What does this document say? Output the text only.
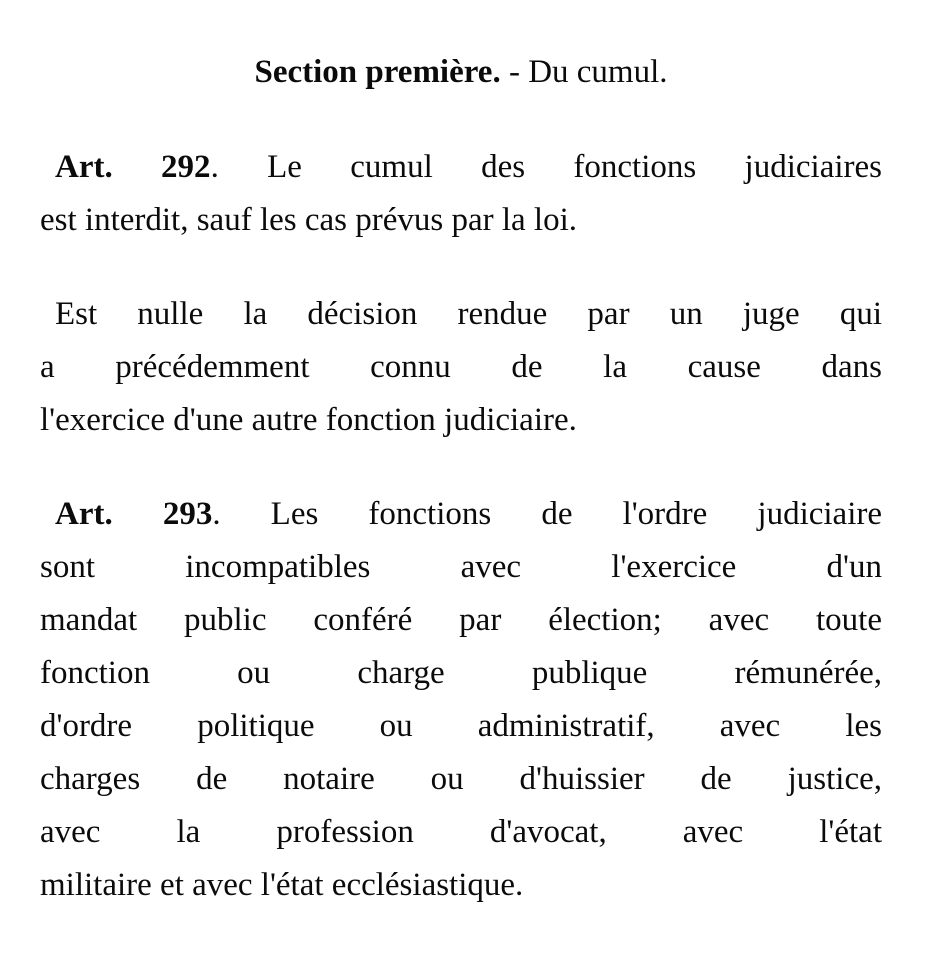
Section première. - Du cumul.
Art. 292. Le cumul des fonctions judiciaires
est interdit, sauf les cas prévus par la loi.
Est nulle la décision rendue par un juge qui
a précédemment connu de la cause dans
l'exercice d'une autre fonction judiciaire.
Art. 293. Les fonctions de l'ordre judiciaire
sont incompatibles avec l'exercice d'un
mandat public conféré par élection; avec toute
fonction ou charge publique rémunérée,
d'ordre politique ou administratif, avec les
charges de notaire ou d'huissier de justice,
avec la profession d'avocat, avec l'état
militaire et avec l'état ecclésiastique.
